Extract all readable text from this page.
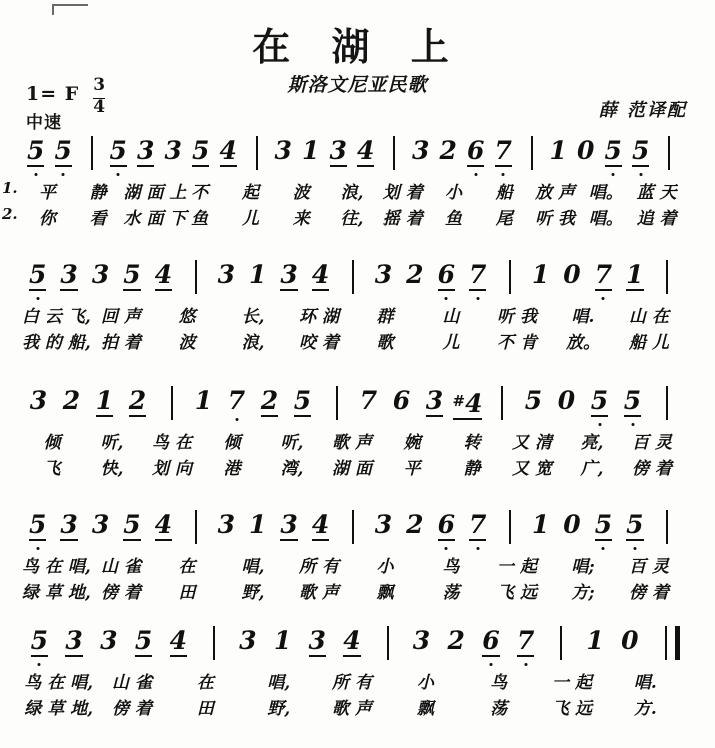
在 湖 上
斯洛文尼亚民歌
薛 范译配
1= F $\frac{3}{4}$
中速
5 5 5 3 3 5 4 3 1 3 4 3 2 6 7 1 0 5 5
1.	平	静 湖 面 上 不	起	波	浪,	划 着	小	船	放 声 唱。 蓝 天
2.	你	看 水 面 下 鱼	儿	来	往,	摇 着	鱼	尾	听 我 唱。 追 着
5 3 3 5 4 3 1 3 4 3 2 6 7 1 0 7 1
白 云 飞, 回 声	悠	长,	环 湖	群	山	听 我	唱.	山 在
我 的 船, 拍 着	波	浪,	咬 着	歌	儿	不 肯	放。	船 儿
3 2 1 2	1 7 2 5	7 6 3 #4	5 0 5 5
倾	听,	鸟 在	倾	听,	歌 声	婉	转	又 清	亮,	百 灵
飞	快,	划 向	港	湾,	湖 面	平	静	又 宽	广,	傍 着
5 3 3 5 4 3 1 3 4 3 2 6 7 1 0 5 5
鸟 在 唱, 山 雀	在	唱,	所 有	小	鸟	一 起	唱;	百 灵
绿 草 地, 傍 着	田	野,	歌 声	飘	荡	飞 远	方;	傍 着
5 3 3 5 4	3 1 3 4	3 2 6 7	1 0
鸟 在 唱,	山 雀	在	唱,	所 有	小	鸟	一 起	唱.
绿 草 地,	傍 着	田	野,	歌 声	飘	荡	飞 远	方.
